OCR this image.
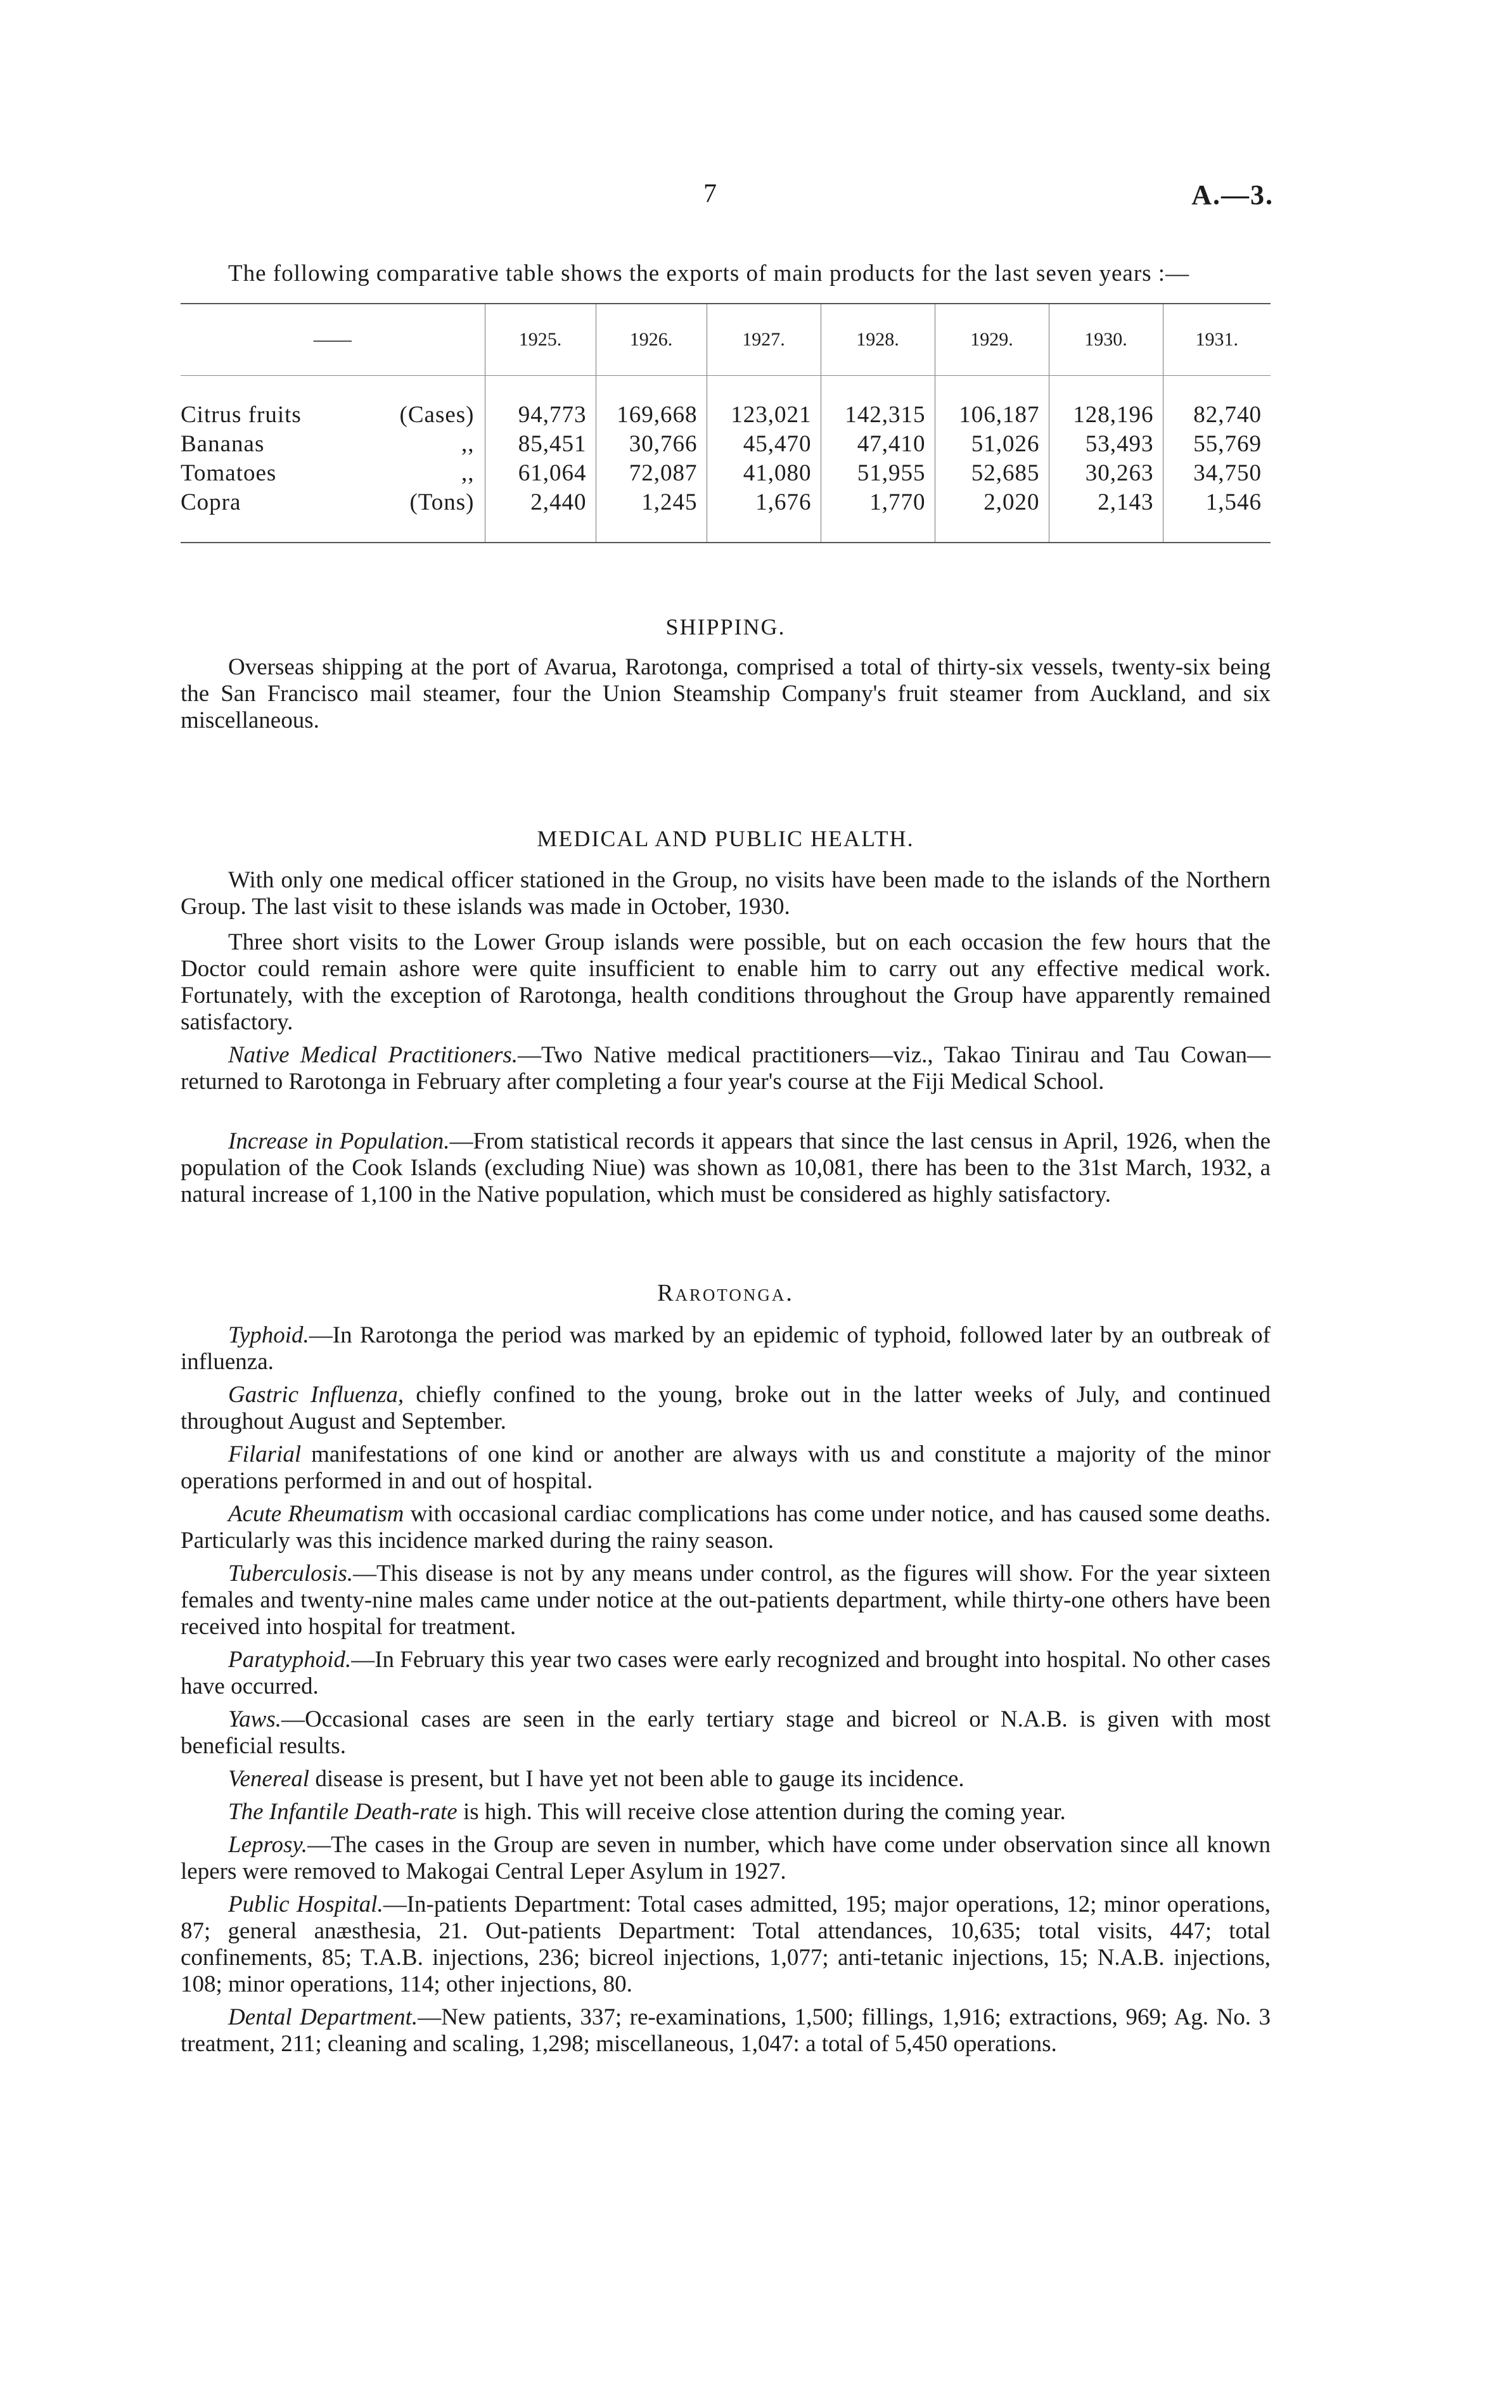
7	A.—3.
The following comparative table shows the exports of main products for the last seven years :—
——		1925.	1926.	1927.	1928.	1929.	1930.	1931.

Citrus fruits	(Cases)	94,773	169,668	123,021	142,315	106,187	128,196	82,740
Bananas	,,	85,451	30,766	45,470	47,410	51,026	53,493	55,769
Tomatoes	,,	61,064	72,087	41,080	51,955	52,685	30,263	34,750
Copra	(Tons)	2,440	1,245	1,676	1,770	2,020	2,143	1,546

SHIPPING.
Overseas shipping at the port of Avarua, Rarotonga, comprised a total of thirty-six vessels, twenty-six being the San Francisco mail steamer, four the Union Steamship Company's fruit steamer from Auckland, and six miscellaneous.
MEDICAL AND PUBLIC HEALTH.
With only one medical officer stationed in the Group, no visits have been made to the islands of the Northern Group. The last visit to these islands was made in October, 1930.
Three short visits to the Lower Group islands were possible, but on each occasion the few hours that the Doctor could remain ashore were quite insufficient to enable him to carry out any effective medical work. Fortunately, with the exception of Rarotonga, health conditions throughout the Group have apparently remained satisfactory.
Native Medical Practitioners.—Two Native medical practitioners—viz., Takao Tinirau and Tau Cowan—returned to Rarotonga in February after completing a four year's course at the Fiji Medical School.
Increase in Population.—From statistical records it appears that since the last census in April, 1926, when the population of the Cook Islands (excluding Niue) was shown as 10,081, there has been to the 31st March, 1932, a natural increase of 1,100 in the Native population, which must be considered as highly satisfactory.
Rarotonga.
Typhoid.—In Rarotonga the period was marked by an epidemic of typhoid, followed later by an outbreak of influenza.
Gastric Influenza, chiefly confined to the young, broke out in the latter weeks of July, and continued throughout August and September.
Filarial manifestations of one kind or another are always with us and constitute a majority of the minor operations performed in and out of hospital.
Acute Rheumatism with occasional cardiac complications has come under notice, and has caused some deaths. Particularly was this incidence marked during the rainy season.
Tuberculosis.—This disease is not by any means under control, as the figures will show. For the year sixteen females and twenty-nine males came under notice at the out-patients department, while thirty-one others have been received into hospital for treatment.
Paratyphoid.—In February this year two cases were early recognized and brought into hospital. No other cases have occurred.
Yaws.—Occasional cases are seen in the early tertiary stage and bicreol or N.A.B. is given with most beneficial results.
Venereal disease is present, but I have yet not been able to gauge its incidence.
The Infantile Death-rate is high. This will receive close attention during the coming year.
Leprosy.—The cases in the Group are seven in number, which have come under observation since all known lepers were removed to Makogai Central Leper Asylum in 1927.
Public Hospital.—In-patients Department: Total cases admitted, 195; major operations, 12; minor operations, 87; general anæsthesia, 21. Out-patients Department: Total attendances, 10,635; total visits, 447; total confinements, 85; T.A.B. injections, 236; bicreol injections, 1,077; anti-tetanic injections, 15; N.A.B. injections, 108; minor operations, 114; other injections, 80.
Dental Department.—New patients, 337; re-examinations, 1,500; fillings, 1,916; extractions, 969; Ag. No. 3 treatment, 211; cleaning and scaling, 1,298; miscellaneous, 1,047: a total of 5,450 operations.
